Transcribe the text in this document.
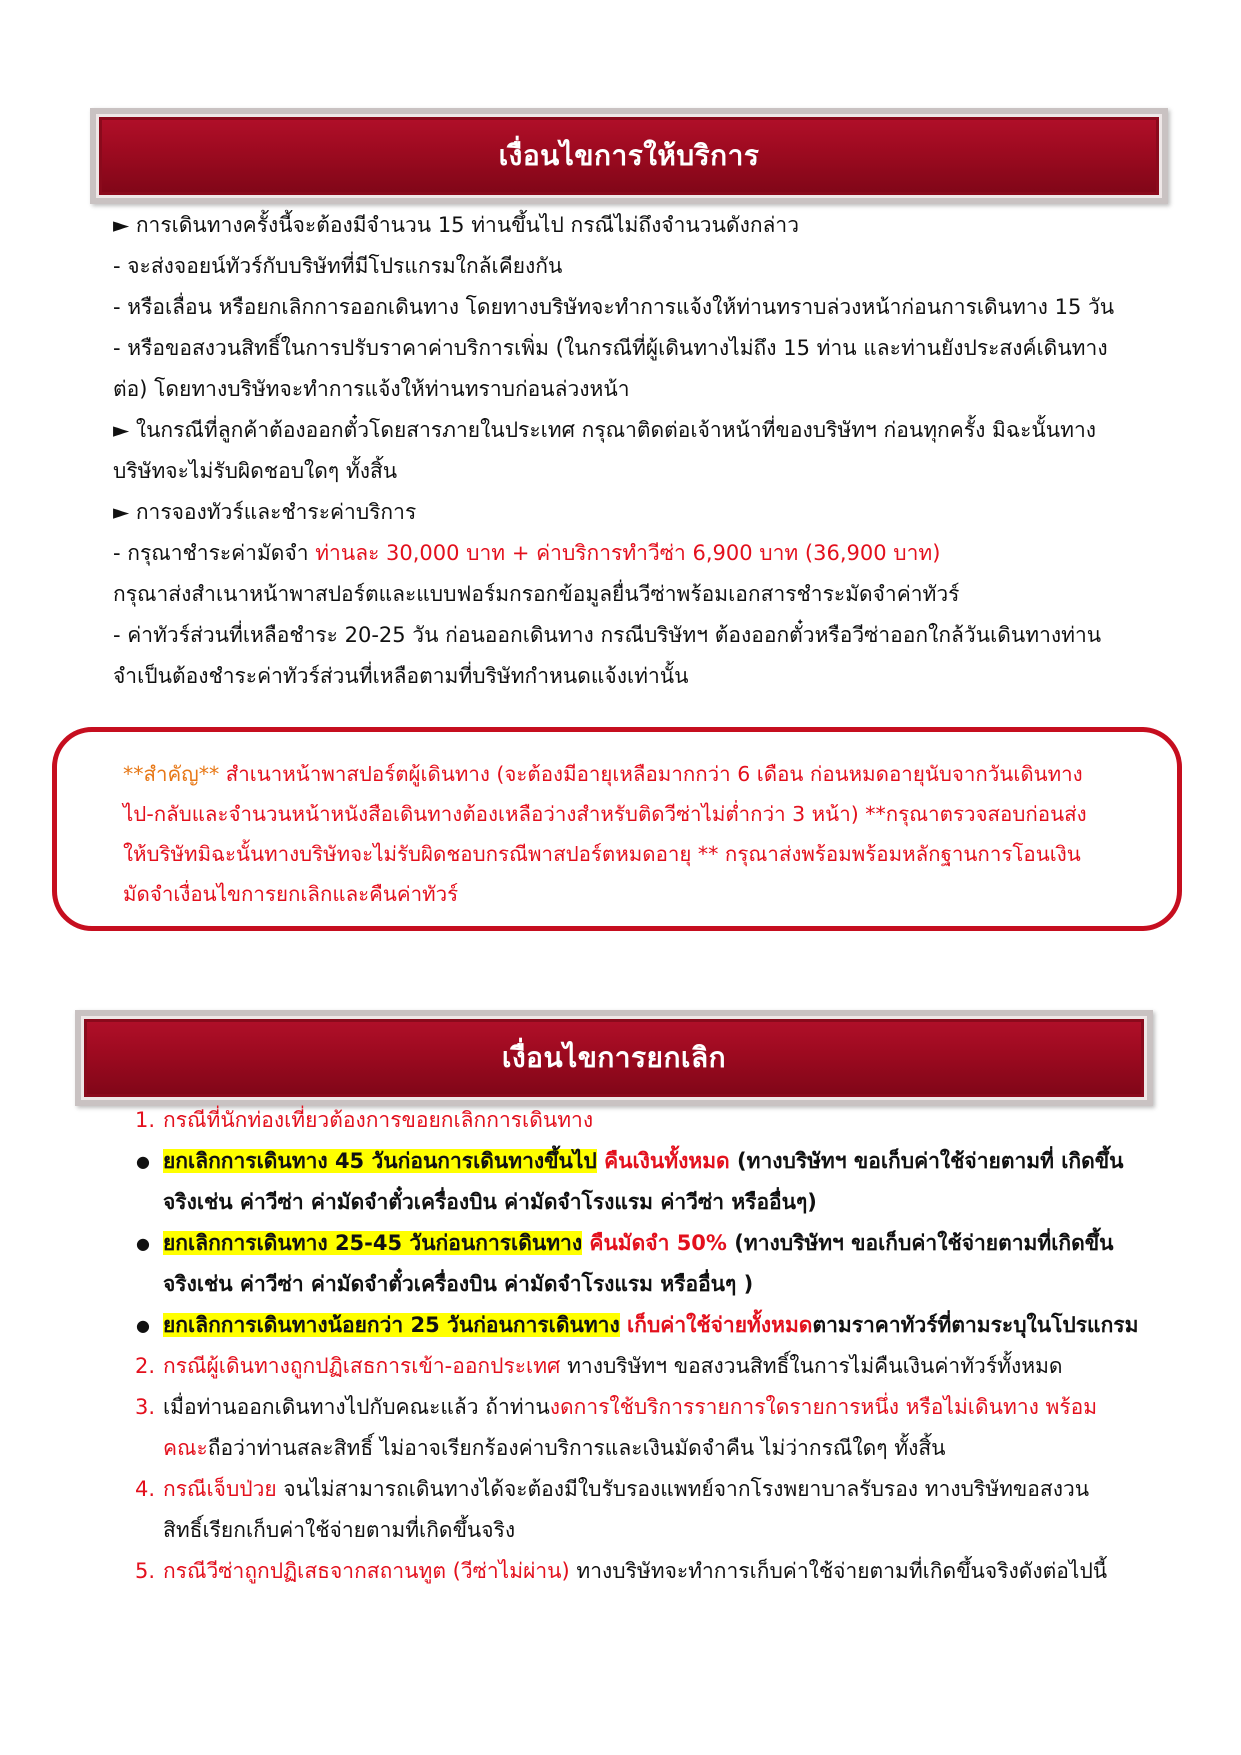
เงื่อนไขการให้บริการ
► การเดินทางครั้งนี้จะต้องมีจำนวน 15 ท่านขึ้นไป กรณีไม่ถึงจำนวนดังกล่าว
- จะส่งจอยน์ทัวร์กับบริษัทที่มีโปรแกรมใกล้เคียงกัน
- หรือเลื่อน หรือยกเลิกการออกเดินทาง โดยทางบริษัทจะทำการแจ้งให้ท่านทราบล่วงหน้าก่อนการเดินทาง 15 วัน
- หรือขอสงวนสิทธิ์ในการปรับราคาค่าบริการเพิ่ม (ในกรณีที่ผู้เดินทางไม่ถึง 15 ท่าน และท่านยังประสงค์เดินทาง
ต่อ) โดยทางบริษัทจะทำการแจ้งให้ท่านทราบก่อนล่วงหน้า
► ในกรณีที่ลูกค้าต้องออกตั๋วโดยสารภายในประเทศ กรุณาติดต่อเจ้าหน้าที่ของบริษัทฯ ก่อนทุกครั้ง มิฉะนั้นทาง
บริษัทจะไม่รับผิดชอบใดๆ ทั้งสิ้น
► การจองทัวร์และชำระค่าบริการ
- กรุณาชำระค่ามัดจำ ท่านละ 30,000 บาท + ค่าบริการทำวีซ่า 6,900 บาท (36,900 บาท)
กรุณาส่งสำเนาหน้าพาสปอร์ตและแบบฟอร์มกรอกข้อมูลยื่นวีซ่าพร้อมเอกสารชำระมัดจำค่าทัวร์
- ค่าทัวร์ส่วนที่เหลือชำระ 20-25 วัน ก่อนออกเดินทาง กรณีบริษัทฯ ต้องออกตั๋วหรือวีซ่าออกใกล้วันเดินทางท่าน
จำเป็นต้องชำระค่าทัวร์ส่วนที่เหลือตามที่บริษัทกำหนดแจ้งเท่านั้น
**สำคัญ** สำเนาหน้าพาสปอร์ตผู้เดินทาง (จะต้องมีอายุเหลือมากกว่า 6 เดือน ก่อนหมดอายุนับจากวันเดินทาง
ไป-กลับและจำนวนหน้าหนังสือเดินทางต้องเหลือว่างสำหรับติดวีซ่าไม่ต่ำกว่า 3 หน้า) **กรุณาตรวจสอบก่อนส่ง
ให้บริษัทมิฉะนั้นทางบริษัทจะไม่รับผิดชอบกรณีพาสปอร์ตหมดอายุ ** กรุณาส่งพร้อมพร้อมหลักฐานการโอนเงิน
มัดจำเงื่อนไขการยกเลิกและคืนค่าทัวร์
เงื่อนไขการยกเลิก
1. กรณีที่นักท่องเที่ยวต้องการขอยกเลิกการเดินทาง
● ยกเลิกการเดินทาง 45 วันก่อนการเดินทางขึ้นไป คืนเงินทั้งหมด (ทางบริษัทฯ ขอเก็บค่าใช้จ่ายตามที่ เกิดขึ้น
จริงเช่น ค่าวีซ่า ค่ามัดจำตั๋วเครื่องบิน ค่ามัดจำโรงแรม ค่าวีซ่า หรืออื่นๆ)
● ยกเลิกการเดินทาง 25-45 วันก่อนการเดินทาง คืนมัดจำ 50% (ทางบริษัทฯ ขอเก็บค่าใช้จ่ายตามที่เกิดขึ้น
จริงเช่น ค่าวีซ่า ค่ามัดจำตั๋วเครื่องบิน ค่ามัดจำโรงแรม หรืออื่นๆ )
● ยกเลิกการเดินทางน้อยกว่า 25 วันก่อนการเดินทาง เก็บค่าใช้จ่ายทั้งหมดตามราคาทัวร์ที่ตามระบุในโปรแกรม
2. กรณีผู้เดินทางถูกปฏิเสธการเข้า-ออกประเทศ ทางบริษัทฯ ขอสงวนสิทธิ์ในการไม่คืนเงินค่าทัวร์ทั้งหมด
3. เมื่อท่านออกเดินทางไปกับคณะแล้ว ถ้าท่านงดการใช้บริการรายการใดรายการหนึ่ง หรือไม่เดินทาง พร้อม
คณะถือว่าท่านสละสิทธิ์ ไม่อาจเรียกร้องค่าบริการและเงินมัดจำคืน ไม่ว่ากรณีใดๆ ทั้งสิ้น
4. กรณีเจ็บป่วย จนไม่สามารถเดินทางได้จะต้องมีใบรับรองแพทย์จากโรงพยาบาลรับรอง ทางบริษัทขอสงวน
สิทธิ์เรียกเก็บค่าใช้จ่ายตามที่เกิดขึ้นจริง
5. กรณีวีซ่าถูกปฏิเสธจากสถานทูต (วีซ่าไม่ผ่าน) ทางบริษัทจะทำการเก็บค่าใช้จ่ายตามที่เกิดขึ้นจริงดังต่อไปนี้
